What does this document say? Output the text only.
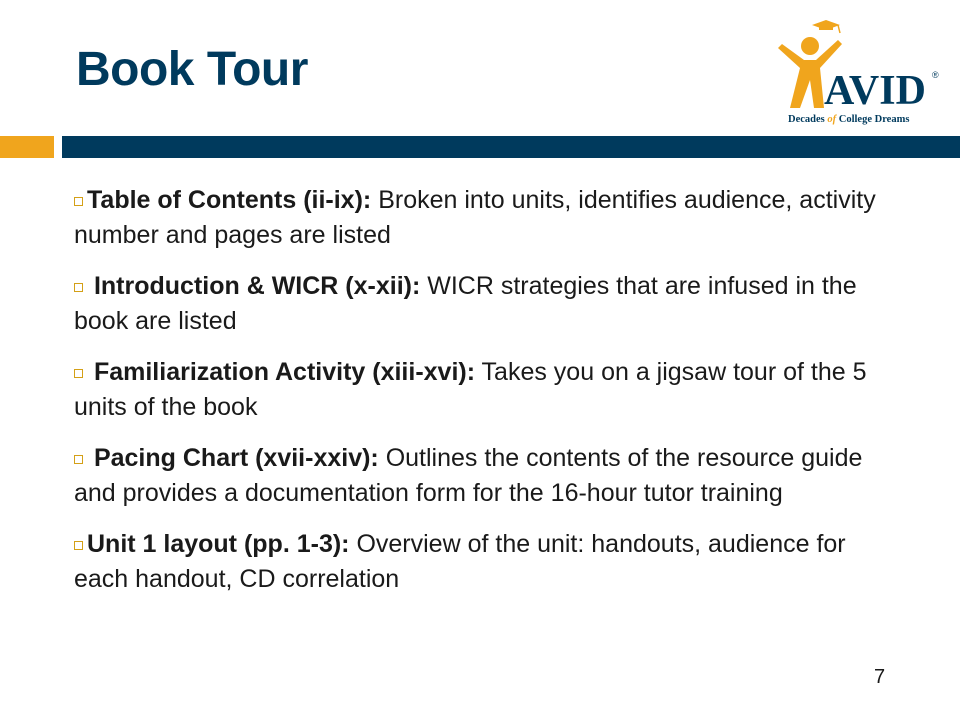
Book Tour	AVID ®
Decades of College Dreams

Table of Contents (ii-ix): Broken into units, identifies audience, activity number and pages are listed

Introduction & WICR (x-xii): WICR strategies that are infused in the book are listed

Familiarization Activity (xiii-xvi): Takes you on a jigsaw tour of the 5 units of the book

Pacing Chart (xvii-xxiv): Outlines the contents of the resource guide and provides a documentation form for the 16-hour tutor training

Unit 1 layout (pp. 1-3): Overview of the unit: handouts, audience for each handout, CD correlation

7
